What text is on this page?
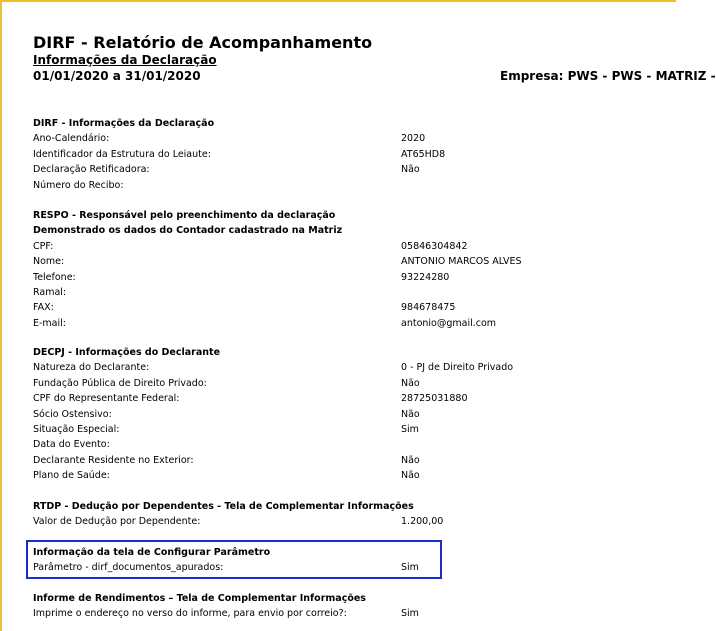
DIRF - Relatório de Acompanhamento
Informações da Declaração
01/01/2020 a 31/01/2020	Empresa: PWS - PWS - MATRIZ -
DIRF - Informações da Declaração
Ano-Calendário:	2020
Identificador da Estrutura do Leiaute:	AT65HD8
Declaração Retificadora:	Não
Número do Recibo:
RESPO - Responsável pelo preenchimento da declaração
Demonstrado os dados do Contador cadastrado na Matriz
CPF:	05846304842
Nome:	ANTONIO MARCOS ALVES
Telefone:	93224280
Ramal:
FAX:	984678475
E-mail:	antonio@gmail.com
DECPJ - Informações do Declarante
Natureza do Declarante:	0 - PJ de Direito Privado
Fundação Pública de Direito Privado:	Não
CPF do Representante Federal:	28725031880
Sócio Ostensivo:	Não
Situação Especial:	Sim
Data do Evento:
Declarante Residente no Exterior:	Não
Plano de Saúde:	Não
RTDP - Dedução por Dependentes - Tela de Complementar Informações
Valor de Dedução por Dependente:	1.200,00
Informação da tela de Configurar Parâmetro
Parâmetro - dirf_documentos_apurados:	Sim
Informe de Rendimentos – Tela de Complementar Informações
Imprime o endereço no verso do informe, para envio por correio?:	Sim
